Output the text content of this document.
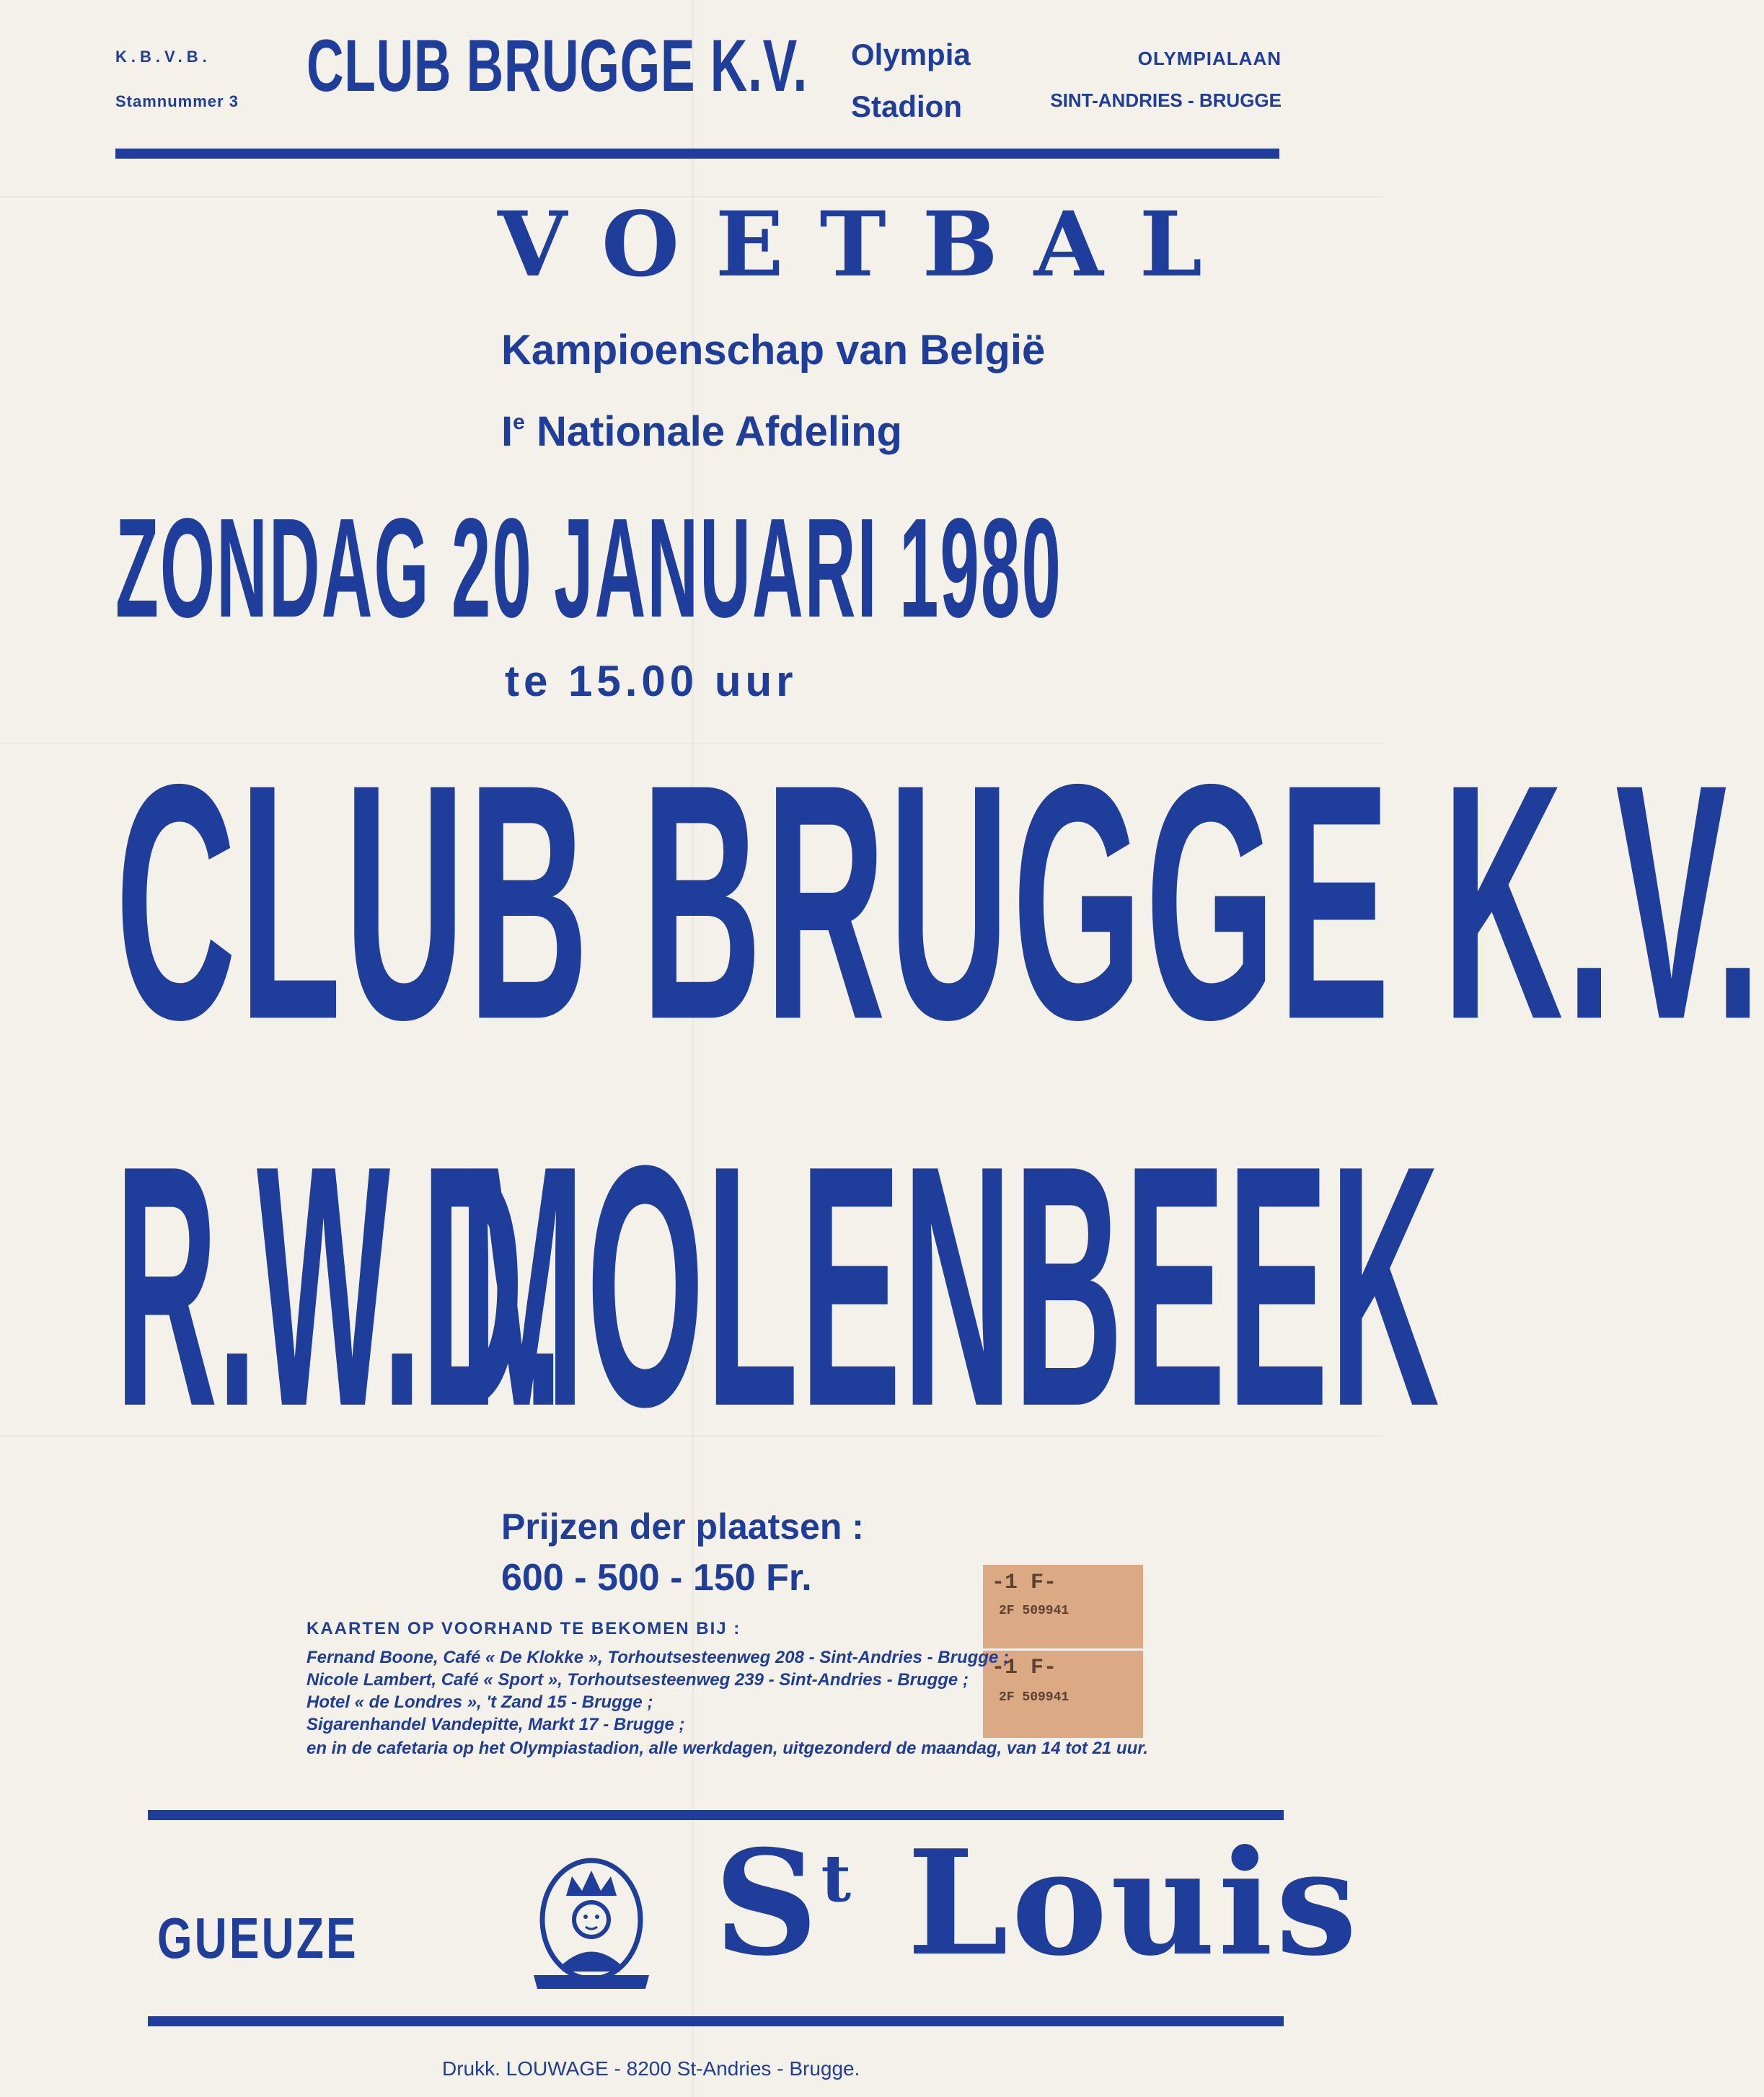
K.B.V.B.
Stamnummer 3 CLUB BRUGGE K.V. Olympia
Stadion
OLYMPIALAAN
SINT-ANDRIES - BRUGGE
VOETBAL
Kampioenschap van België
Ie Nationale Afdeling
ZONDAG 20 JANUARI 1980
te 15.00 uur
CLUB BRUGGE K.V.
R.W.D.
MOLENBEEK
Prijzen der plaatsen :
600 - 500 - 150 Fr.	-1 F-
2F 509941
-1 F-
2F 509941
KAARTEN OP VOORHAND TE BEKOMEN BIJ :
Fernand Boone, Café « De Klokke », Torhoutsesteenweg 208 - Sint-Andries - Brugge ;
Nicole Lambert, Café « Sport », Torhoutsesteenweg 239 - Sint-Andries - Brugge ;
Hotel « de Londres », 't Zand 15 - Brugge ;
Sigarenhandel Vandepitte, Markt 17 - Brugge ;
en in de cafetaria op het Olympiastadion, alle werkdagen, uitgezonderd de maandag, van 14 tot 21 uur.
GUEUZE $S^t$ Louis
Drukk. LOUWAGE - 8200 St-Andries - Brugge.
